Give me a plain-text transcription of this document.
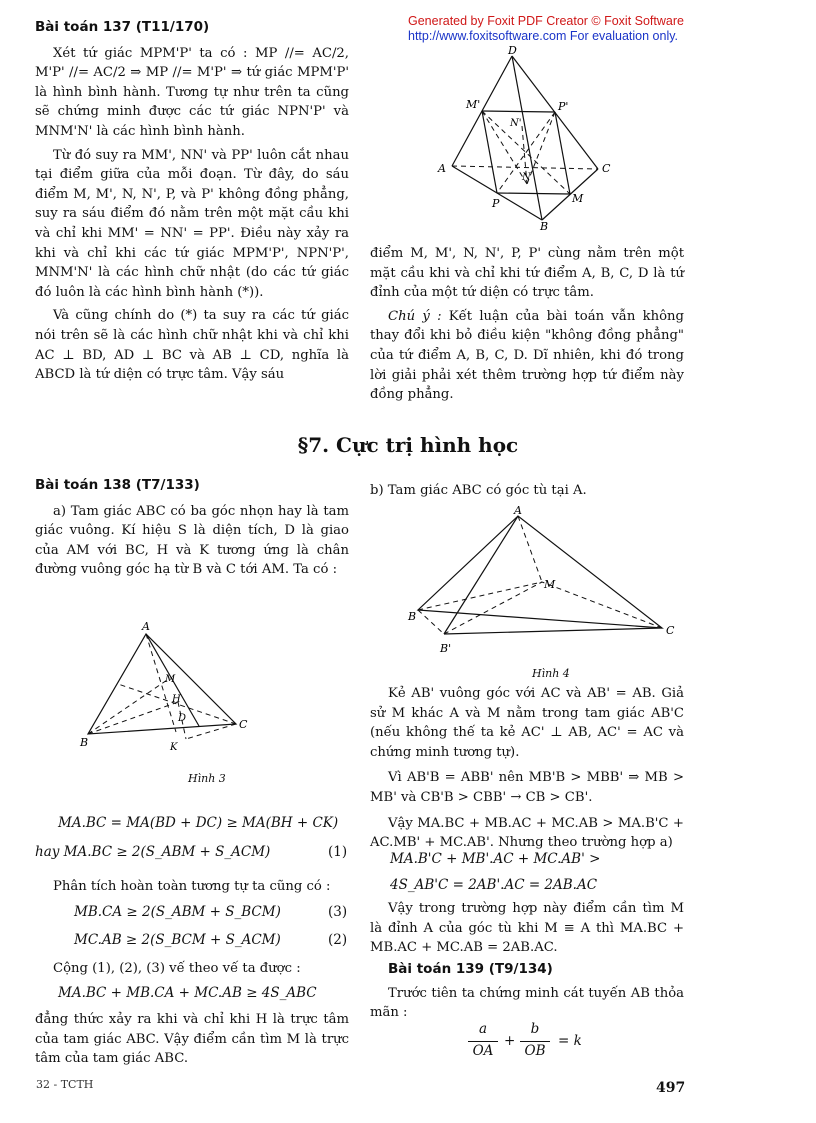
Generated by Foxit PDF Creator © Foxit Software
http://www.foxitsoftware.com For evaluation only.

Bài toán 137 (T11/170)

Xét tứ giác MPM'P' ta có : MP //= AC/2, M'P' //= AC/2 ⇒ MP //= M'P' ⇒ tứ giác MPM'P' là hình bình hành. Tương tự như trên ta cũng sẽ chứng minh được các tứ giác NPN'P' và MNM'N' là các hình bình hành.

Từ đó suy ra MM', NN' và PP' luôn cắt nhau tại điểm giữa của mỗi đoạn. Từ đây, do sáu điểm M, M', N, N', P, và P' không đồng phẳng, suy ra sáu điểm đó nằm trên một mặt cầu khi và chỉ khi MM' = NN' = PP'. Điều này xảy ra khi và chỉ khi các tứ giác MPM'P', NPN'P', MNM'N' là các hình chữ nhật (do các tứ giác đó luôn là các hình bình hành (*)).

Và cũng chính do (*) ta suy ra các tứ giác nói trên sẽ là các hình chữ nhật khi và chỉ khi AC ⊥ BD, AD ⊥ BC và AB ⊥ CD, nghĩa là ABCD là tứ diện có trực tâm. Vậy sáu

D
M'	P'
N'
A	C
N
M
P
B

điểm M, M', N, N', P, P' cùng nằm trên một mặt cầu khi và chỉ khi tứ điểm A, B, C, D là tứ đỉnh của một tứ diện có trực tâm.

Chú ý : Kết luận của bài toán vẫn không thay đổi khi bỏ điều kiện "không đồng phẳng" của tứ điểm A, B, C, D. Dĩ nhiên, khi đó trong lời giải phải xét thêm trường hợp tứ điểm này đồng phẳng.

§7. Cực trị hình học

Bài toán 138 (T7/133)

a) Tam giác ABC có ba góc nhọn hay là tam giác vuông. Kí hiệu S là diện tích, D là giao của AM với BC, H và K tương ứng là chân đường vuông góc hạ từ B và C tới AM. Ta có :

A
M
H
D	C
B	K
Hình 3
MA.BC = MA(BD + DC) ≥ MA(BH + CK)
hay MA.BC ≥ 2(S_ABM + S_ACM)	(1)

Phân tích hoàn toàn tương tự ta cũng có :

MB.CA ≥ 2(S_ABM + S_BCM)	(3)
MC.AB ≥ 2(S_BCM + S_ACM)	(2)

Cộng (1), (2), (3) vế theo vế ta được :

MA.BC + MB.CA + MC.AB ≥ 4S_ABC

đẳng thức xảy ra khi và chỉ khi H là trực tâm của tam giác ABC. Vậy điểm cần tìm M là trực tâm của tam giác ABC.

b) Tam giác ABC có góc tù tại A.

A
M
B
B'
C
Hình 4

Kẻ AB' vuông góc với AC và AB' = AB. Giả sử M khác A và M nằm trong tam giác AB'C (nếu không thế ta kẻ AC' ⊥ AB, AC' = AC và chứng minh tương tự).

Vì AB'B = ABB' nên MB'B > MBB' ⇒ MB > MB' và CB'B > CBB' → CB > CB'.

Vậy MA.BC + MB.AC + MC.AB > MA.B'C + AC.MB' + MC.AB'. Nhưng theo trường hợp a)

MA.B'C + MB'.AC + MC.AB' >
4S_AB'C = 2AB'.AC = 2AB.AC

Vậy trong trường hợp này điểm cần tìm M là đỉnh A của góc tù khi M ≡ A thì MA.BC + MB.AC + MC.AB = 2AB.AC.

Bài toán 139 (T9/134)

Trước tiên ta chứng minh cát tuyến AB thỏa mãn :

a
OA
+
b
OB
= k
32 - TCTH	497
